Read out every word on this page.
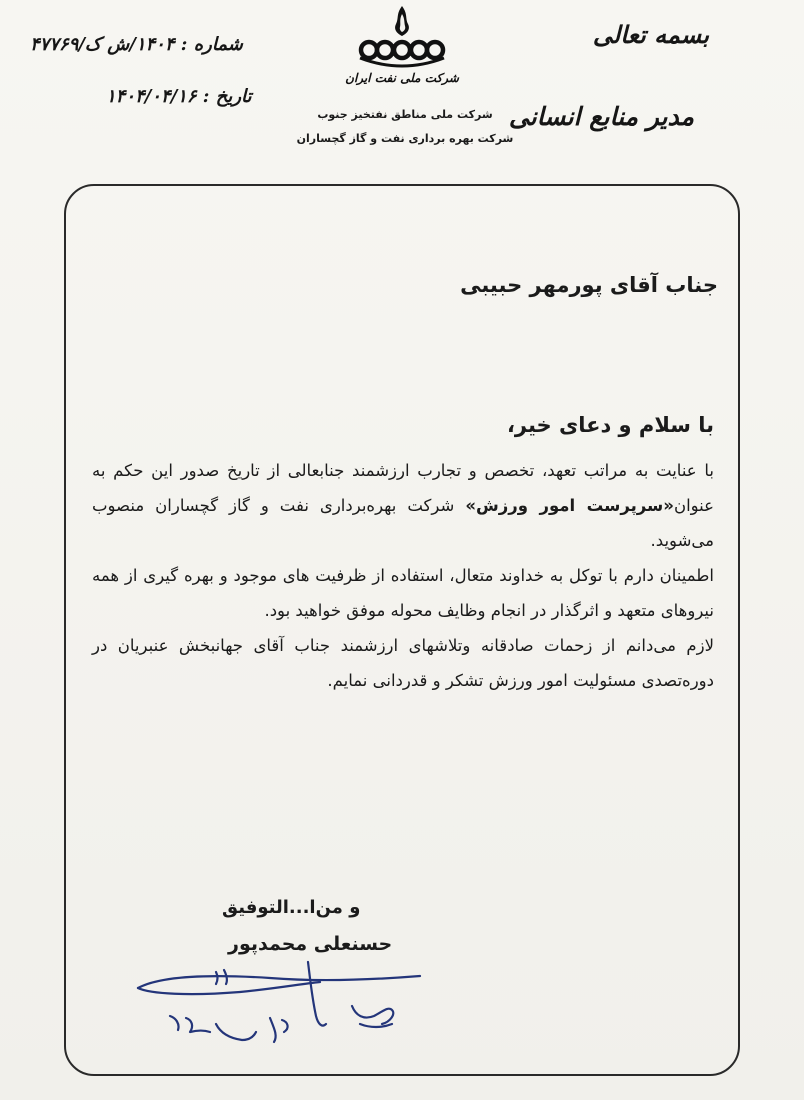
بسمه تعالی
مدیر منابع انسانی
شماره : ۱۴۰۴/ش ک/۴۷۷۶۹
تاریخ : ۱۴۰۴/۰۴/۱۶
شرکت ملی نفت ایران
شرکت ملی مناطق نفتخیز جنوب
شرکت بهره برداری نفت و گاز گچساران
جناب آقای پورمهر حبیبی
با سلام و دعای خیر،

با عنایت به مراتب تعهد، تخصص و تجارب ارزشمند جنابعالی از تاریخ صدور این حکم به عنوان«سرپرست امور ورزش» شرکت بهره‌برداری نفت و گاز گچساران منصوب می‌شوید.

اطمینان دارم با توکل به خداوند متعال، استفاده از ظرفیت های موجود و بهره گیری از همه نیروهای متعهد و اثرگذار در انجام وظایف محوله موفق خواهید بود.

لازم می‌دانم از زحمات صادقانه وتلاشهای ارزشمند جناب آقای جهانبخش عنبریان در دوره‌تصدی مسئولیت امور ورزش تشکر و قدردانی نمایم.

و من‌ا...التوفیق
حسنعلی محمدپور
